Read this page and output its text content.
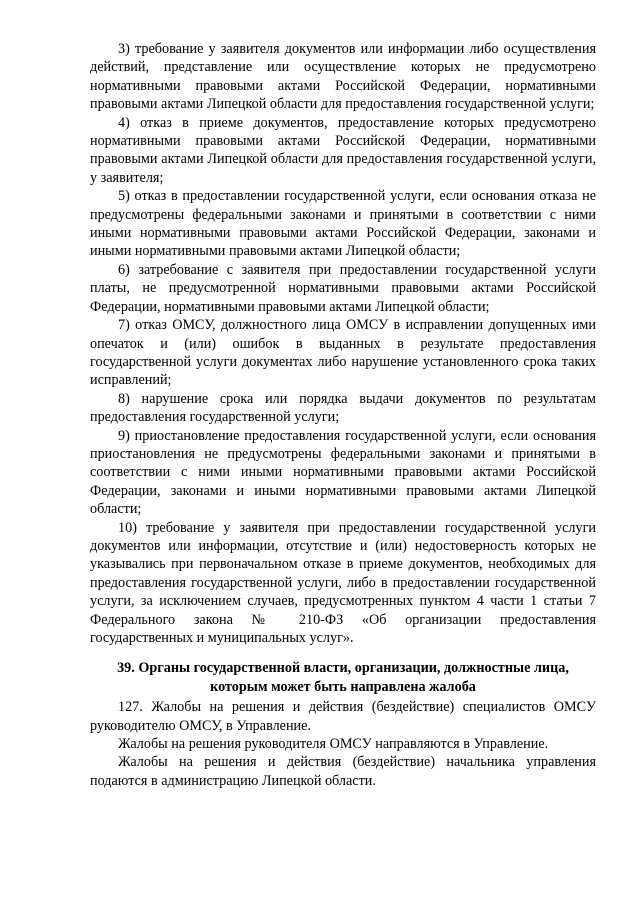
3) требование у заявителя документов или информации либо осуществления действий, представление или осуществление которых не предусмотрено нормативными правовыми актами Российской Федерации, нормативными правовыми актами Липецкой области для предоставления государственной услуги;

4) отказ в приеме документов, предоставление которых предусмотрено нормативными правовыми актами Российской Федерации, нормативными правовыми актами Липецкой области для предоставления государственной услуги, у заявителя;

5) отказ в предоставлении государственной услуги, если основания отказа не предусмотрены федеральными законами и принятыми в соответствии с ними иными нормативными правовыми актами Российской Федерации, законами и иными нормативными правовыми актами Липецкой области;

6) затребование с заявителя при предоставлении государственной услуги платы, не предусмотренной нормативными правовыми актами Российской Федерации, нормативными правовыми актами Липецкой области;

7) отказ ОМСУ, должностного лица ОМСУ в исправлении допущенных ими опечаток и (или) ошибок в выданных в результате предоставления государственной услуги документах либо нарушение установленного срока таких исправлений;

8) нарушение срока или порядка выдачи документов по результатам предоставления государственной услуги;

9) приостановление предоставления государственной услуги, если основания приостановления не предусмотрены федеральными законами и принятыми в соответствии с ними иными нормативными правовыми актами Российской Федерации, законами и иными нормативными правовыми актами Липецкой области;

10) требование у заявителя при предоставлении государственной услуги документов или информации, отсутствие и (или) недостоверность которых не указывались при первоначальном отказе в приеме документов, необходимых для предоставления государственной услуги, либо в предоставлении государственной услуги, за исключением случаев, предусмотренных пунктом 4 части 1 статьи 7 Федерального закона № 210-ФЗ «Об организации предоставления государственных и муниципальных услуг».

39. Органы государственной власти, организации, должностные лица, которым может быть направлена жалоба

127. Жалобы на решения и действия (бездействие) специалистов ОМСУ руководителю ОМСУ, в Управление.

Жалобы на решения руководителя ОМСУ направляются в Управление.

Жалобы на решения и действия (бездействие) начальника управления подаются в администрацию Липецкой области.
